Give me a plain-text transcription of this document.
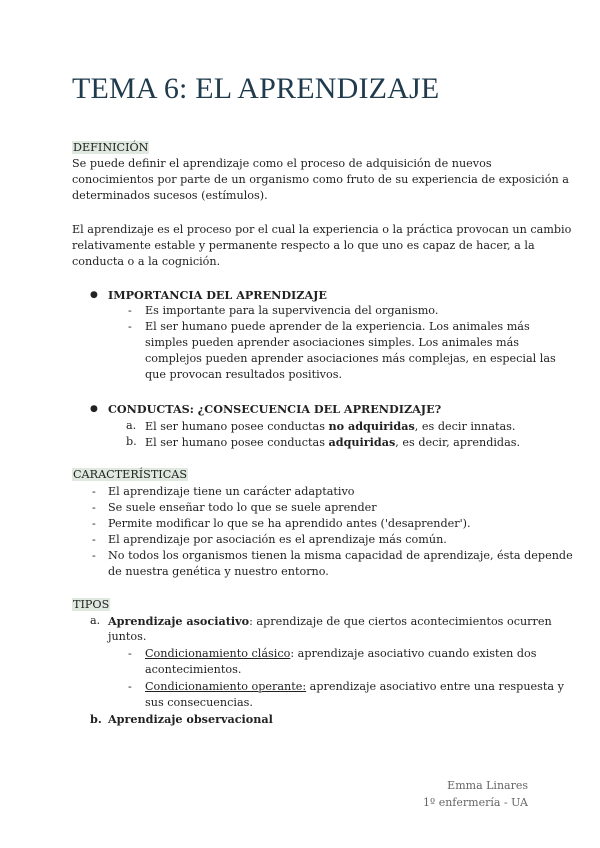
TEMA 6: EL APRENDIZAJE
DEFINICIÓN
Se puede definir el aprendizaje como el proceso de adquisición de nuevos
conocimientos por parte de un organismo como fruto de su experiencia de exposición a
determinados sucesos (estímulos).
El aprendizaje es el proceso por el cual la experiencia o la práctica provocan un cambio
relativamente estable y permanente respecto a lo que uno es capaz de hacer, a la
conducta o a la cognición.
● IMPORTANCIA DEL APRENDIZAJE
- Es importante para la supervivencia del organismo.
- El ser humano puede aprender de la experiencia. Los animales más
simples pueden aprender asociaciones simples. Los animales más
complejos pueden aprender asociaciones más complejas, en especial las
que provocan resultados positivos.
● CONDUCTAS: ¿CONSECUENCIA DEL APRENDIZAJE?
a. El ser humano posee conductas no adquiridas, es decir innatas.
b. El ser humano posee conductas adquiridas, es decir, aprendidas.
CARACTERÍSTICAS
- El aprendizaje tiene un carácter adaptativo
- Se suele enseñar todo lo que se suele aprender
- Permite modificar lo que se ha aprendido antes ('desaprender').
- El aprendizaje por asociación es el aprendizaje más común.
- No todos los organismos tienen la misma capacidad de aprendizaje, ésta depende
de nuestra genética y nuestro entorno.
TIPOS
a. Aprendizaje asociativo: aprendizaje de que ciertos acontecimientos ocurren
juntos.
- Condicionamiento clásico: aprendizaje asociativo cuando existen dos
acontecimientos.
- Condicionamiento operante: aprendizaje asociativo entre una respuesta y
sus consecuencias.
b. Aprendizaje observacional
Emma Linares
1º enfermería - UA
